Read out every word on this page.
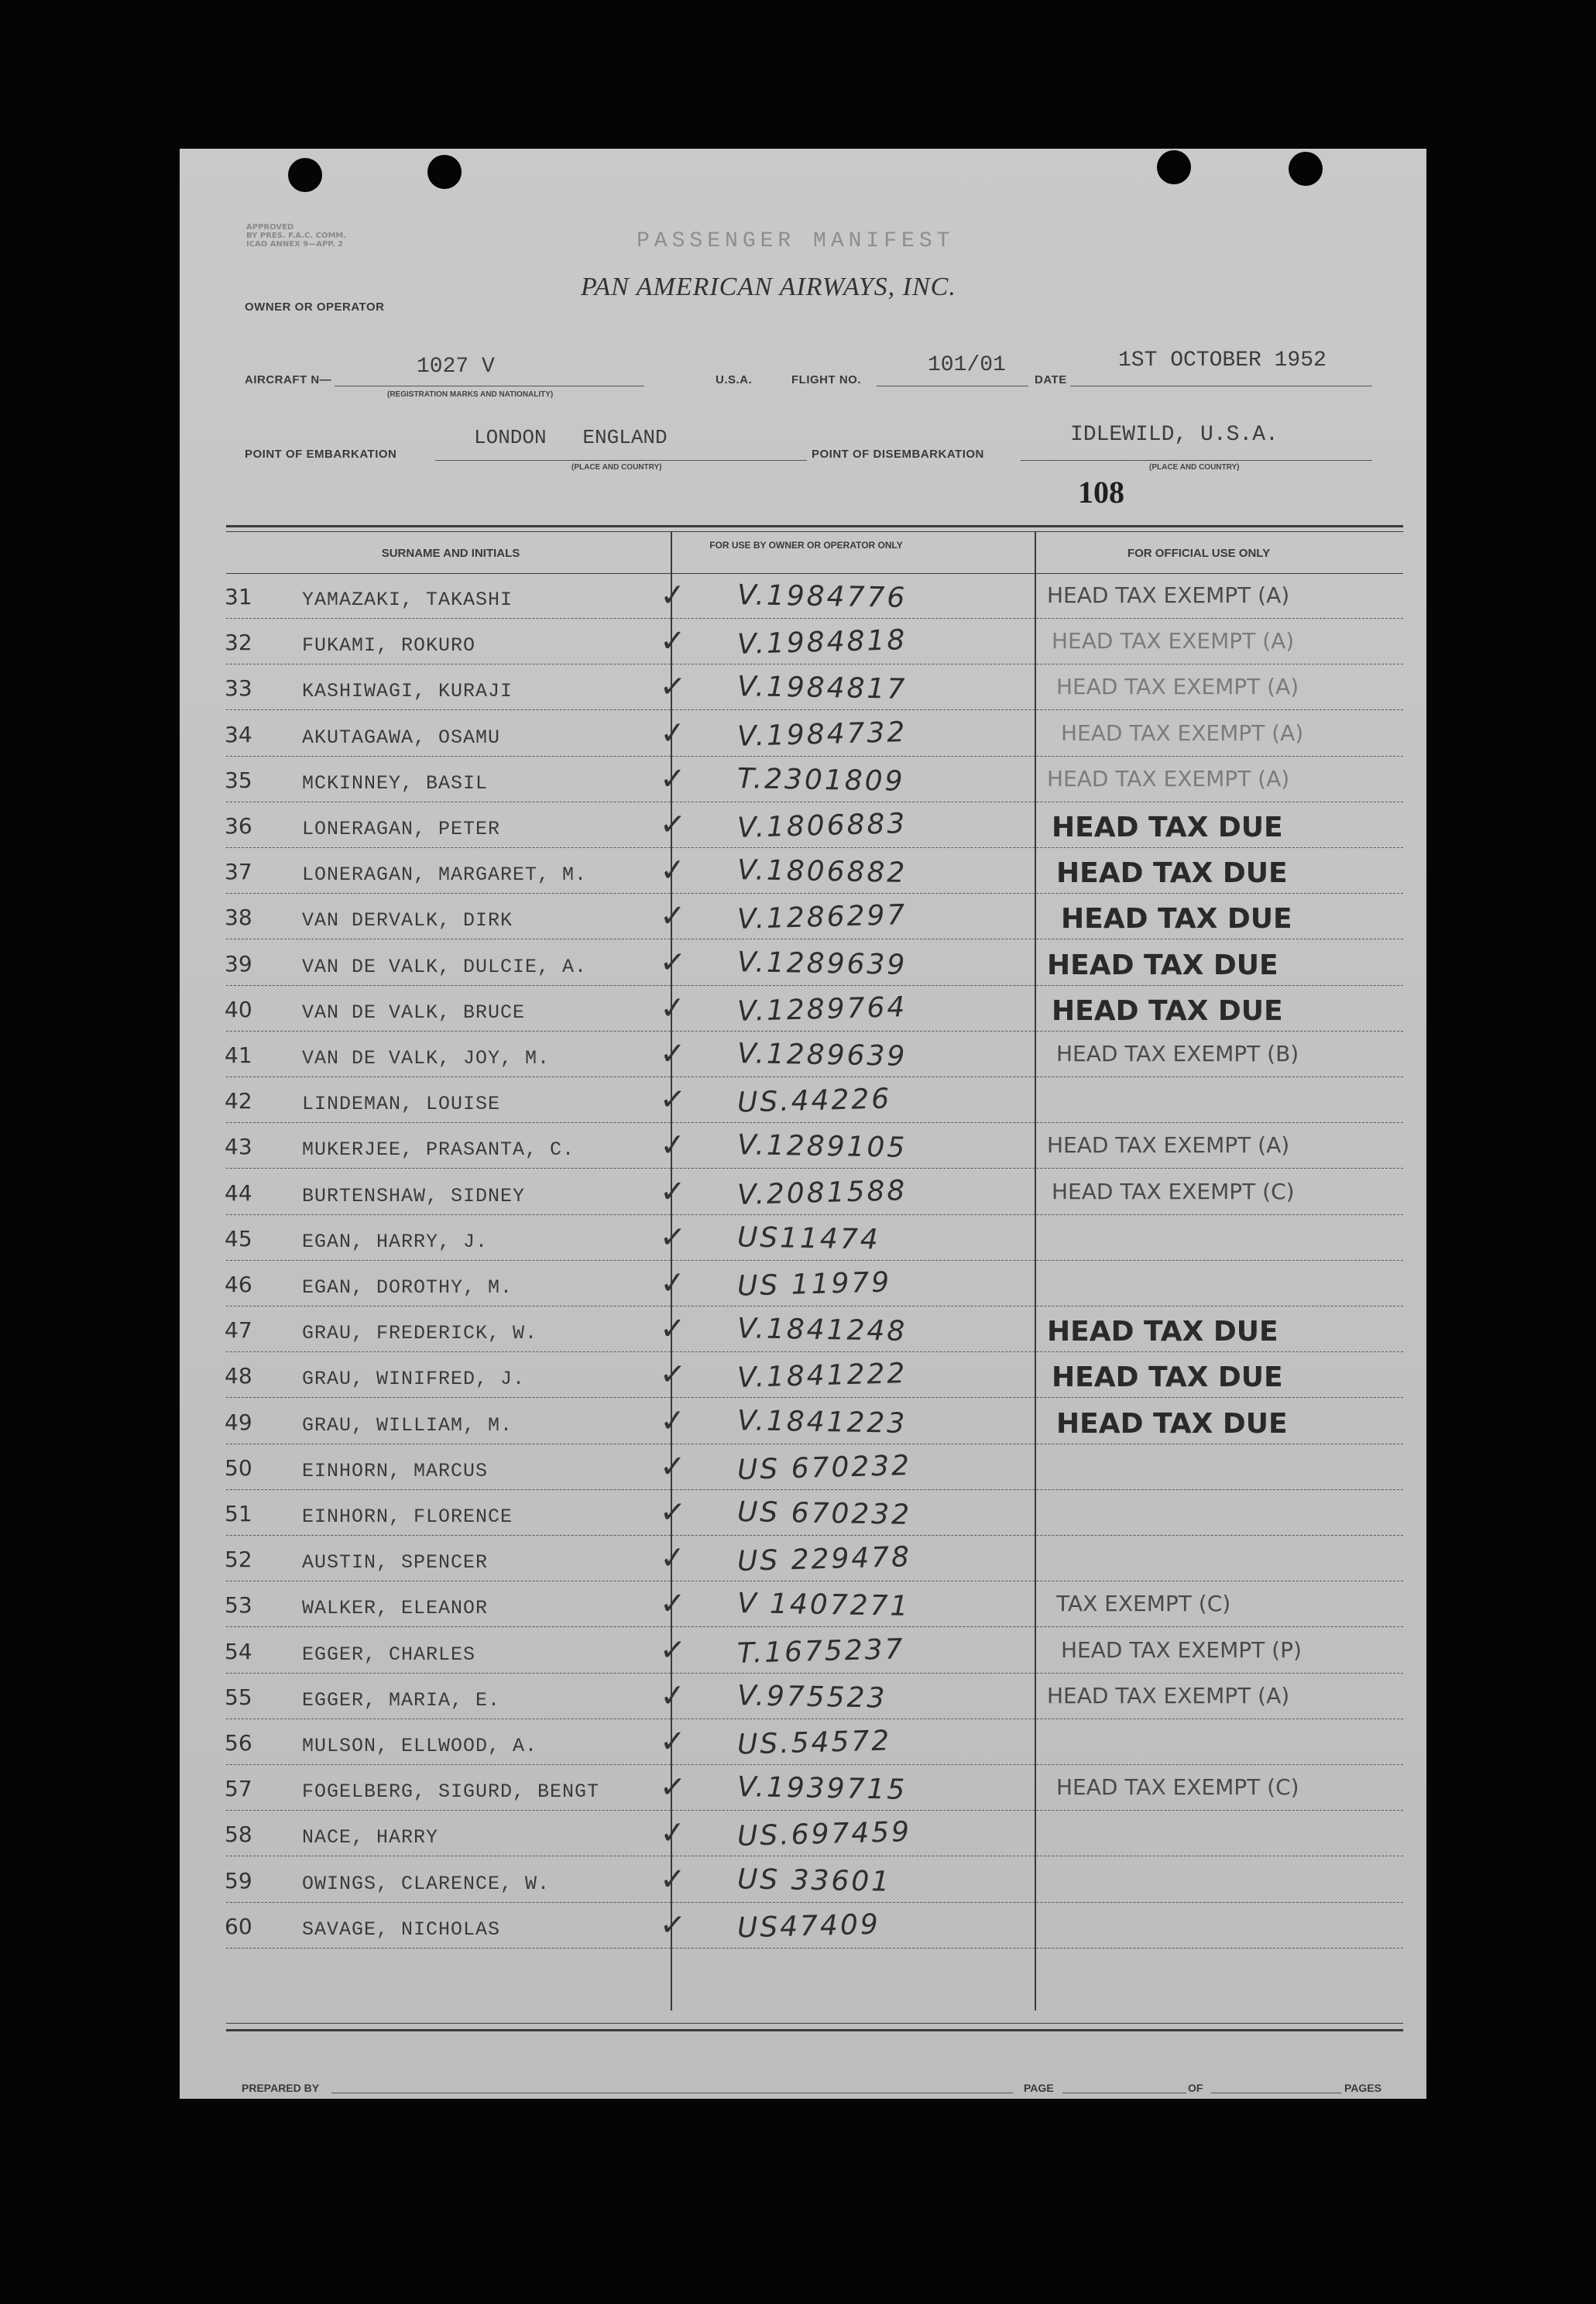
APPROVED
BY PRES. F.A.C. COMM.
ICAO ANNEX 9—APP. 2	PASSENGER MANIFEST
OWNER OR OPERATOR
PAN AMERICAN AIRWAYS, INC.
AIRCRAFT N—
1027 V
(REGISTRATION MARKS AND NATIONALITY)
U.S.A.	FLIGHT NO.
101/01
DATE
1ST OCTOBER 1952
POINT OF EMBARKATION
LONDON   ENGLAND
(PLACE AND COUNTRY)
POINT OF DISEMBARKATION
IDLEWILD, U.S.A.
(PLACE AND COUNTRY)
108
SURNAME AND INITIALS
FOR USE BY OWNER OR OPERATOR ONLY
FOR OFFICIAL USE ONLY
31	YAMAZAKI, TAKASHI	✓ V.1984776	HEAD TAX EXEMPT (A)
32	FUKAMI, ROKURO	✓ V.1984818	HEAD TAX EXEMPT (A)
33	KASHIWAGI, KURAJI	✓ V.1984817	HEAD TAX EXEMPT (A)
34	AKUTAGAWA, OSAMU	✓ V.1984732	HEAD TAX EXEMPT (A)
35	MCKINNEY, BASIL	✓ T.2301809	HEAD TAX EXEMPT (A)
36	LONERAGAN, PETER	✓ V.1806883	HEAD TAX DUE
37	LONERAGAN, MARGARET, M. ✓ V.1806882	HEAD TAX DUE
38	VAN DERVALK, DIRK	✓ V.1286297	HEAD TAX DUE
39	VAN DE VALK, DULCIE, A. ✓ V.1289639	HEAD TAX DUE
40	VAN DE VALK, BRUCE	✓ V.1289764	HEAD TAX DUE
41	VAN DE VALK, JOY, M.	✓ V.1289639	HEAD TAX EXEMPT (B)
42	LINDEMAN, LOUISE	✓ US.44226
43	MUKERJEE, PRASANTA, C.	✓ V.1289105	HEAD TAX EXEMPT (A)
44	BURTENSHAW, SIDNEY	✓ V.2081588	HEAD TAX EXEMPT (C)
45	EGAN, HARRY, J.	✓ US11474
46	EGAN, DOROTHY, M.	✓ US 11979
47	GRAU, FREDERICK, W.	✓ V.1841248	HEAD TAX DUE
48	GRAU, WINIFRED, J.	✓ V.1841222	HEAD TAX DUE
49	GRAU, WILLIAM, M.	✓ V.1841223	HEAD TAX DUE
50	EINHORN, MARCUS	✓ US 670232
51	EINHORN, FLORENCE	✓ US 670232
52	AUSTIN, SPENCER	✓ US 229478
53	WALKER, ELEANOR	✓ V 1407271	TAX EXEMPT (C)
54	EGGER, CHARLES	✓ T.1675237	HEAD TAX EXEMPT (P)
55	EGGER, MARIA, E.	✓ V.975523	HEAD TAX EXEMPT (A)
56	MULSON, ELLWOOD, A.	✓ US.54572
57	FOGELBERG, SIGURD, BENGT ✓ V.1939715	HEAD TAX EXEMPT (C)
58	NACE, HARRY	✓ US.697459
59	OWINGS, CLARENCE, W.	✓ US 33601
60	SAVAGE, NICHOLAS	✓ US47409
PREPARED BY	PAGE	OF	PAGES
